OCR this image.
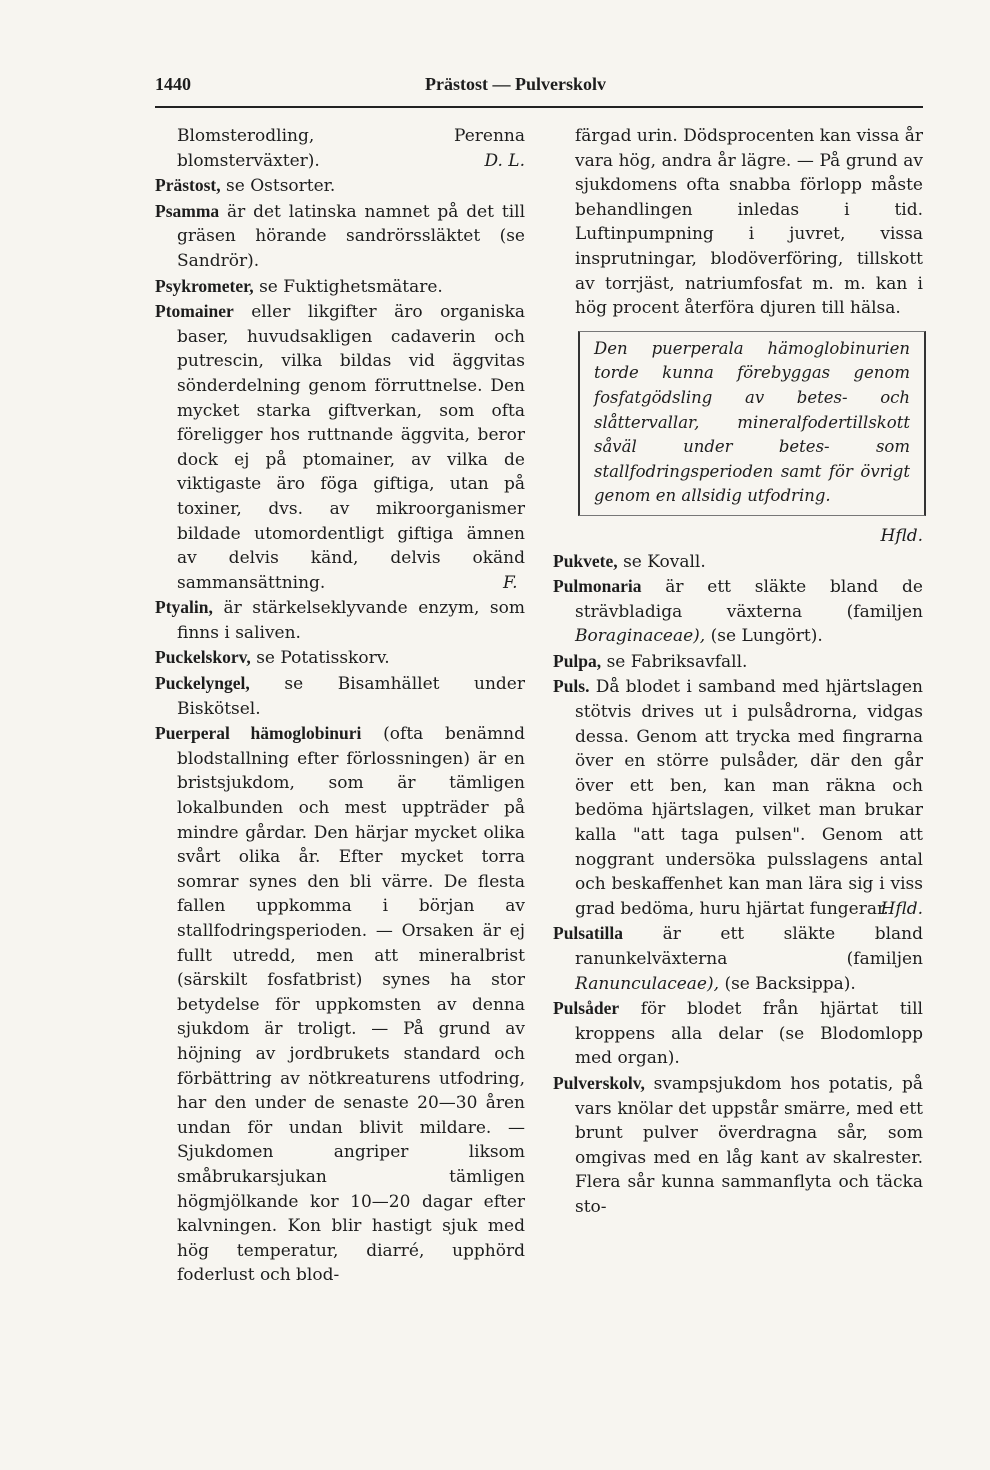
1440	Prästost — Pulverskolv
Blomsterodling, Perenna blomsterväxter).	D. L.
Prästost, se Ostsorter.
Psamma är det latinska namnet på det till gräsen hörande sandrörssläktet (se Sandrör).
Psykrometer, se Fuktighetsmätare.
Ptomainer eller likgifter äro organiska baser, huvudsakligen cadaverin och putrescin, vilka bildas vid äggvitas sönderdelning genom förruttnelse. Den mycket starka giftverkan, som ofta föreligger hos ruttnande äggvita, beror dock ej på ptomainer, av vilka de viktigaste äro föga giftiga, utan på toxiner, dvs. av mikroorganismer bildade utomordentligt giftiga ämnen av delvis känd, delvis okänd sammansättning.	F.
Ptyalin, är stärkelseklyvande enzym, som finns i saliven.
Puckelskorv, se Potatisskorv.
Puckelyngel, se Bisamhället under Biskötsel.
Puerperal hämoglobinuri (ofta benämnd blodstallning efter förlossningen) är en bristsjukdom, som är tämligen lokalbunden och mest uppträder på mindre gårdar. Den härjar mycket olika svårt olika år. Efter mycket torra somrar synes den bli värre. De flesta fallen uppkomma i början av stallfodringsperioden. — Orsaken är ej fullt utredd, men att mineralbrist (särskilt fosfatbrist) synes ha stor betydelse för uppkomsten av denna sjukdom är troligt. — På grund av höjning av jordbrukets standard och förbättring av nötkreaturens utfodring, har den under de senaste 20—30 åren undan för undan blivit mildare. — Sjukdomen angriper liksom småbrukarsjukan tämligen högmjölkande kor 10—20 dagar efter kalvningen. Kon blir hastigt sjuk med hög temperatur, diarré, upphörd foderlust och blod-
färgad urin. Dödsprocenten kan vissa år vara hög, andra år lägre. — På grund av sjukdomens ofta snabba förlopp måste behandlingen inledas i tid. Luftinpumpning i juvret, vissa insprutningar, blodöverföring, tillskott av torrjäst, natriumfosfat m. m. kan i hög procent återföra djuren till hälsa.
Den puerperala hämoglobinurien torde kunna förebyggas genom fosfatgödsling av betes- och slåttervallar, mineralfodertillskott såväl under betes- som stallfodringsperioden samt för övrigt genom en allsidig utfodring.
Hfld.
Pukvete, se Kovall.
Pulmonaria är ett släkte bland de strävbladiga växterna (familjen Boraginaceae), (se Lungört).
Pulpa, se Fabriksavfall.
Puls. Då blodet i samband med hjärtslagen stötvis drives ut i pulsådrorna, vidgas dessa. Genom att trycka med fingrarna över en större pulsåder, där den går över ett ben, kan man räkna och bedöma hjärtslagen, vilket man brukar kalla "att taga pulsen". Genom att noggrant undersöka pulsslagens antal och beskaffenhet kan man lära sig i viss grad bedöma, huru hjärtat fungerar.
Hfld.
Pulsatilla är ett släkte bland ranunkelväxterna (familjen Ranunculaceae), (se Backsippa).
Pulsåder för blodet från hjärtat till kroppens alla delar (se Blodomlopp med organ).
Pulverskolv, svampsjukdom hos potatis, på vars knölar det uppstår smärre, med ett brunt pulver överdragna sår, som omgivas med en låg kant av skalrester. Flera sår kunna sammanflyta och täcka sto-
